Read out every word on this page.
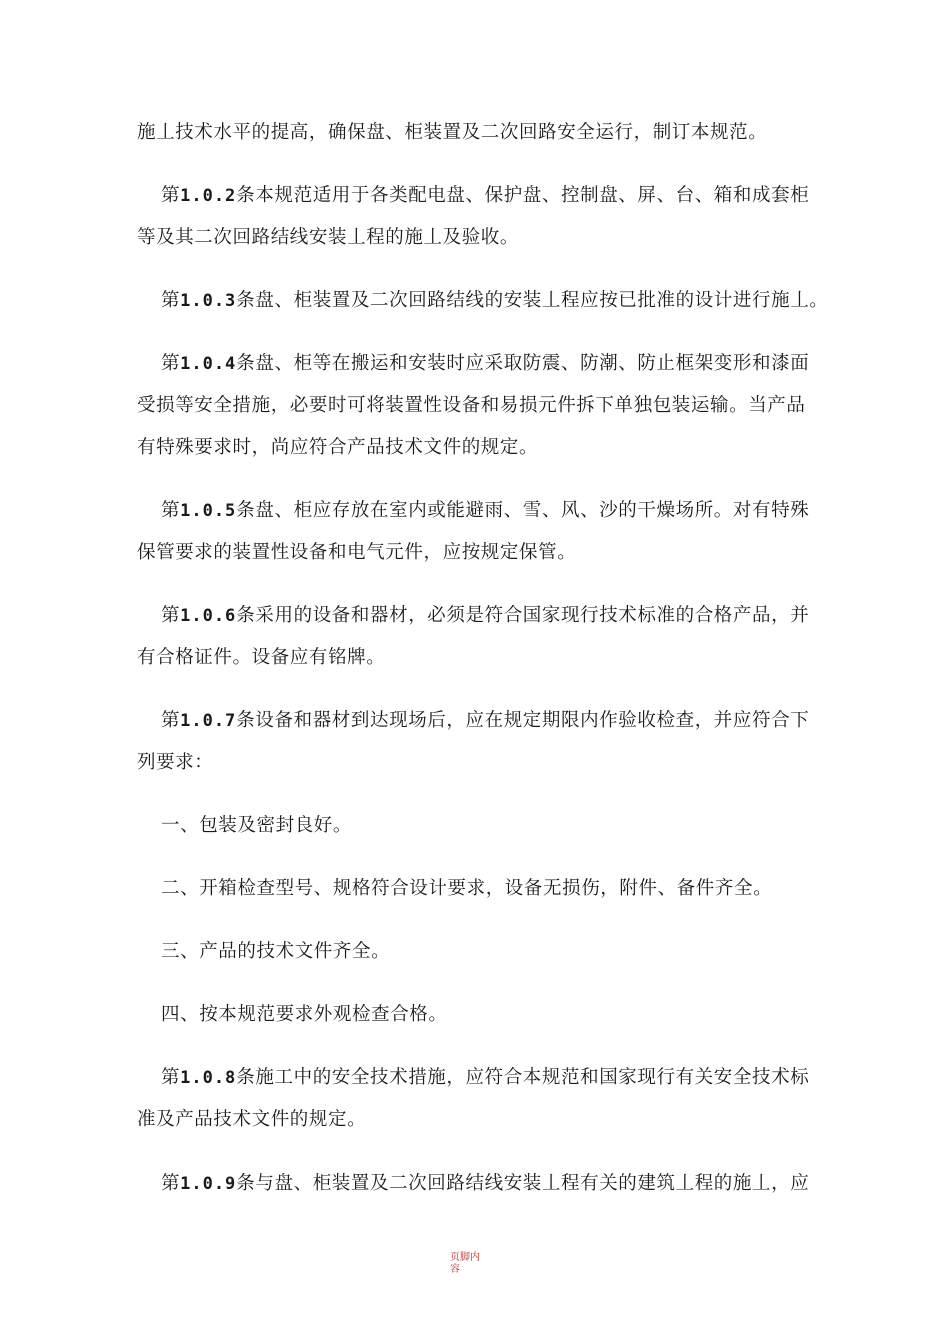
施丄技术水平的提高，确保盘、柜装置及二次回路安全运行，制订本规范。

第1.0.2条本规范适用于各类配电盘、保护盘、控制盘、屏、台、箱和成套柜
等及其二次回路结线安装丄程的施丄及验收。

第1.0.3条盘、柜装置及二次回路结线的安装丄程应按已批准的设计进行施丄。

第1.0.4条盘、柜等在搬运和安装时应采取防震、防潮、防止框架变形和漆面
受损等安全措施，必要时可将装置性设备和易损元件拆下单独包装运输。当产品
有特殊要求时，尚应符合产品技术文件的规定。

第1.0.5条盘、柜应存放在室内或能避雨、雪、风、沙的干燥场所。对有特殊
保管要求的装置性设备和电气元件，应按规定保管。

第1.0.6条采用的设备和器材，必须是符合国家现行技术标准的合格产品，并
有合格证件。设备应有铭牌。

第1.0.7条设备和器材到达现场后，应在规定期限内作验收检查，并应符合下
列要求：

一、包装及密封良好。

二、开箱检查型号、规格符合设计要求，设备无损伤，附件、备件齐全。

三、产品的技术文件齐全。

四、按本规范要求外观检查合格。

第1.0.8条施工中的安全技术措施，应符合本规范和国家现行有关安全技术标
准及产品技术文件的规定。

第1.0.9条与盘、柜装置及二次回路结线安装丄程有关的建筑丄程的施丄，应

页脚内
容
